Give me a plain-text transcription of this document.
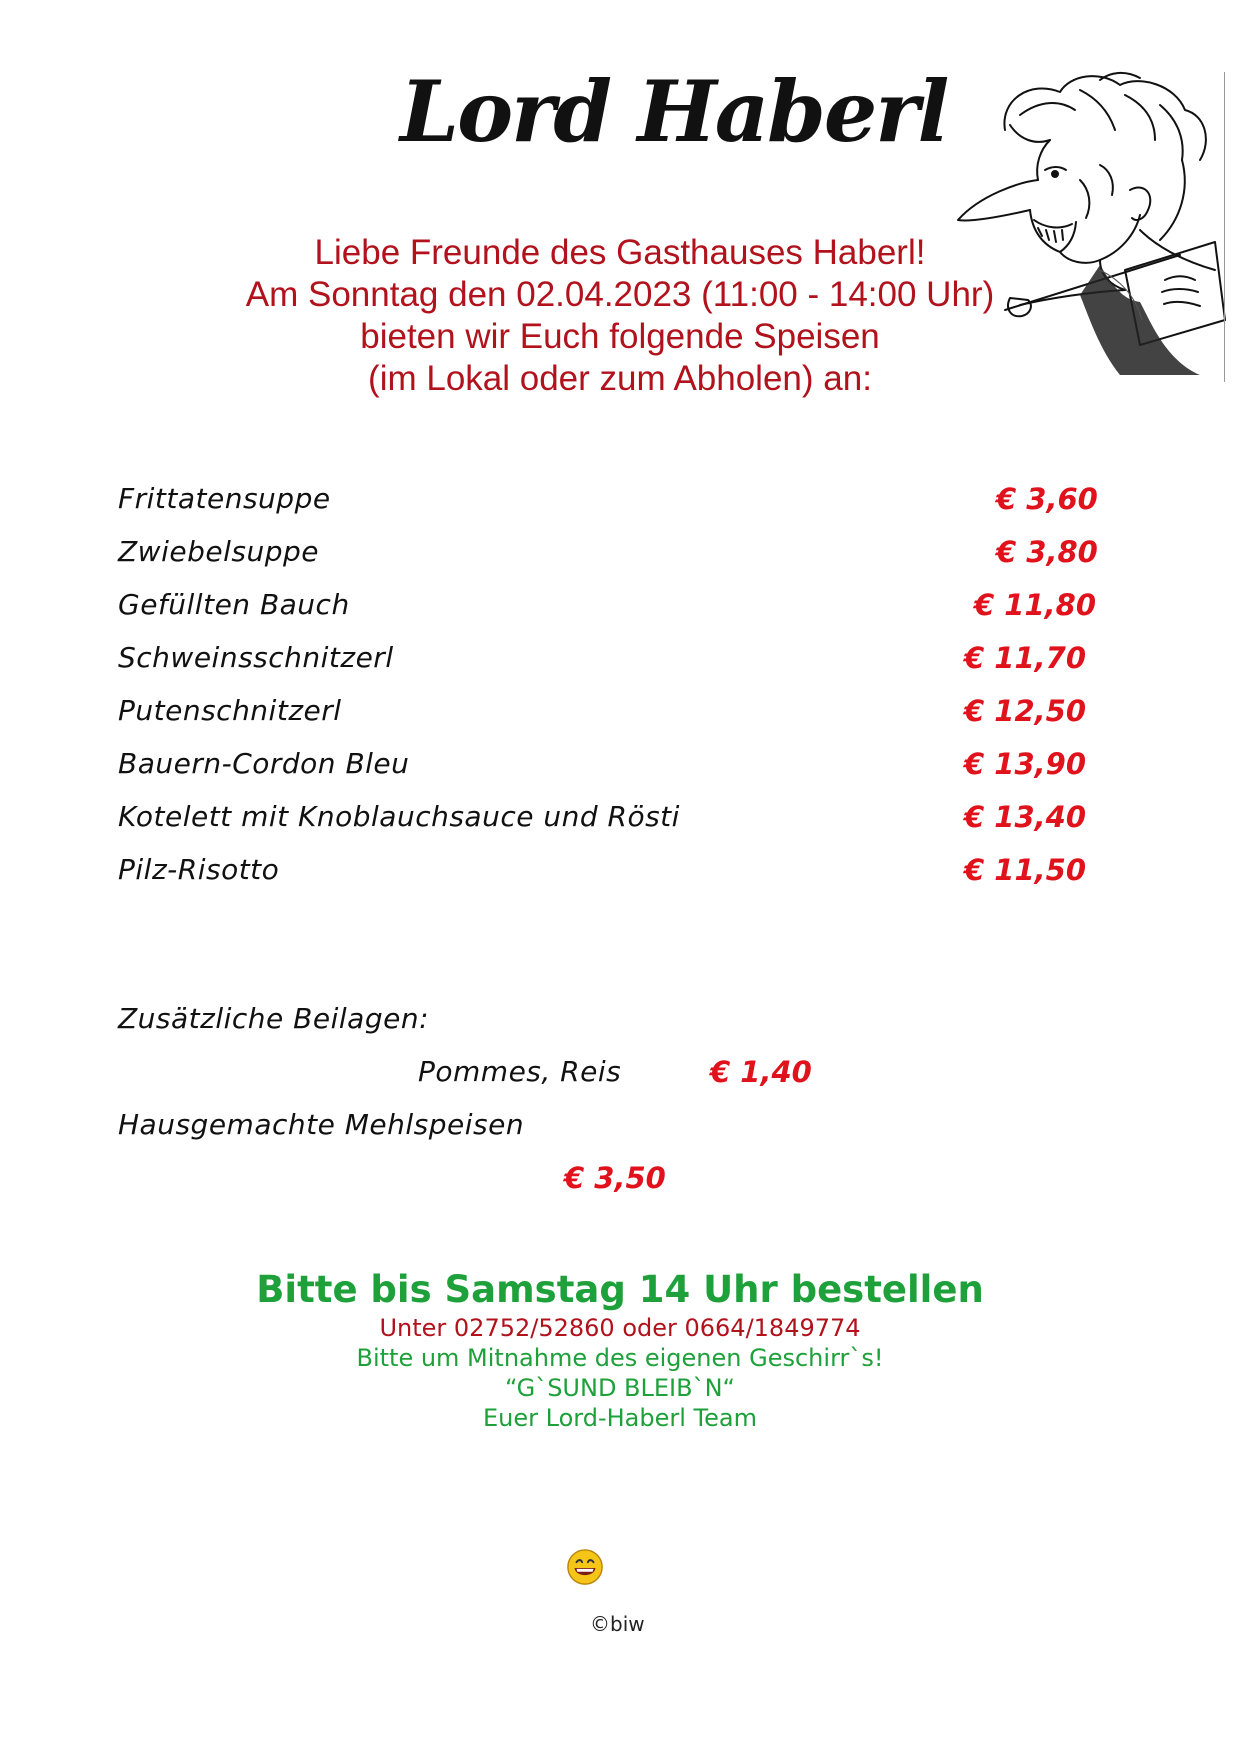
Lord Haberl
Liebe Freunde des Gasthauses Haberl!
Am Sonntag den 02.04.2023 (11:00 - 14:00 Uhr)
bieten wir Euch folgende Speisen
(im Lokal oder zum Abholen) an:
Frittatensuppe	€ 3,60
Zwiebelsuppe	€ 3,80
Gefüllten Bauch	€ 11,80
Schweinsschnitzerl	€ 11,70
Putenschnitzerl	€ 12,50
Bauern-Cordon Bleu	€ 13,90
Kotelett mit Knoblauchsauce und Rösti	€ 13,40
Pilz-Risotto	€ 11,50
Zusätzliche Beilagen:
Pommes, Reis	€ 1,40
Hausgemachte Mehlspeisen
€ 3,50
Bitte bis Samstag 14 Uhr bestellen
Unter 02752/52860 oder 0664/1849774
Bitte um Mitnahme des eigenen Geschirr`s!
“G`SUND BLEIB`N“
Euer Lord-Haberl Team
©biw
